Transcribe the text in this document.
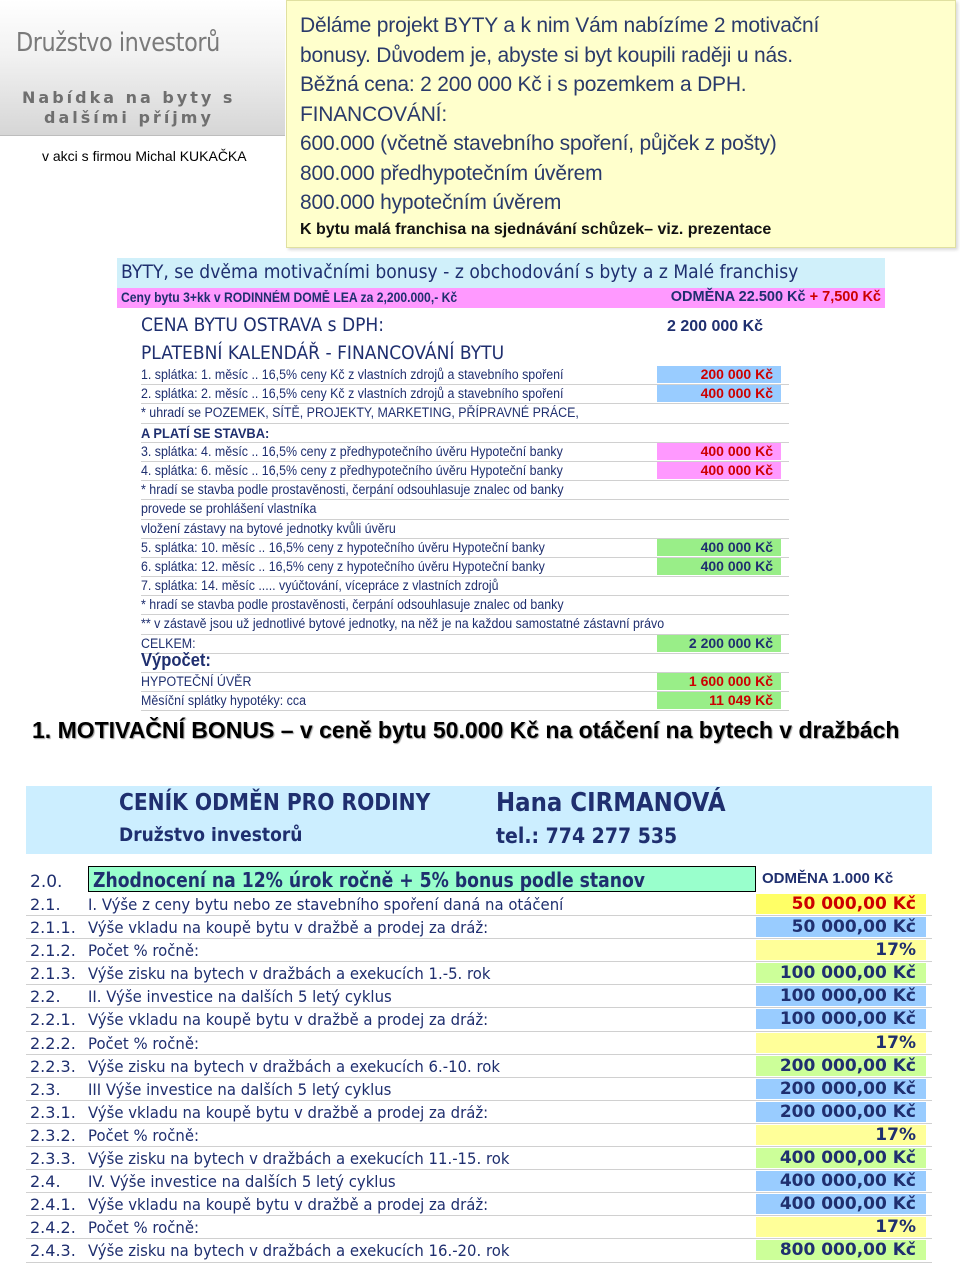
Družstvo investorů
Nabídka na byty s
dalšími příjmy
v akci s firmou Michal KUKAČKA
Děláme projekt BYTY a k nim Vám nabízíme 2 motivační
bonusy. Důvodem je, abyste si byt koupili raději u nás.
Běžná cena: 2 200 000 Kč i s pozemkem a DPH.
FINANCOVÁNÍ:
600.000 (včetně stavebního spoření, půjček z pošty)
800.000 předhypotečním úvěrem
800.000 hypotečním úvěrem
K bytu malá franchisa na sjednávání schůzek– viz. prezentace
BYTY, se dvěma motivačními bonusy - z obchodování s byty a z Malé franchisy
Ceny bytu 3+kk v RODINNÉM DOMĚ LEA za 2,200.000,- Kč	ODMĚNA 22.500 Kč + 7,500 Kč
CENA BYTU OSTRAVA s DPH:	2 200 000 Kč
PLATEBNÍ KALENDÁŘ - FINANCOVÁNÍ BYTU
1. splátka: 1. měsíc .. 16,5% ceny Kč z vlastních zdrojů a stavebního spoření	200 000 Kč
2. splátka: 2. měsíc .. 16,5% ceny Kč z vlastních zdrojů a stavebního spoření	400 000 Kč
* uhradí se POZEMEK, SÍTĚ, PROJEKTY, MARKETING, PŘÍPRAVNÉ PRÁCE,
A PLATÍ SE STAVBA:
3. splátka: 4. měsíc .. 16,5% ceny z předhypotečního úvěru Hypoteční banky	400 000 Kč
4. splátka: 6. měsíc .. 16,5% ceny z předhypotečního úvěru Hypoteční banky	400 000 Kč
* hradí se stavba podle prostavěnosti, čerpání odsouhlasuje znalec od banky
provede se prohlášení vlastníka
vložení zástavy na bytové jednotky kvůli úvěru
5. splátka: 10. měsíc .. 16,5% ceny z hypotečního úvěru Hypoteční banky	400 000 Kč
6. splátka: 12. měsíc .. 16,5% ceny z hypotečního úvěru Hypoteční banky	400 000 Kč
7. splátka: 14. měsíc ..... vyúčtování, vícepráce z vlastních zdrojů
* hradí se stavba podle prostavěnosti, čerpání odsouhlasuje znalec od banky
** v zástavě jsou už jednotlivé bytové jednotky, na něž je na každou samostatné zástavní právo
CELKEM:	2 200 000 Kč
Výpočet:
HYPOTEČNÍ ÚVĚR	1 600 000 Kč
Měsíční splátky hypotéky: cca	11 049 Kč
1. MOTIVAČNÍ BONUS – v ceně bytu 50.000 Kč na otáčení na bytech v dražbách
CENÍK ODMĚN PRO RODINY
Družstvo investorů
Hana CIRMANOVÁ
tel.: 774 277 535
2.0. Zhodnocení na 12% úrok ročně + 5% bonus podle stanov	ODMĚNA 1.000 Kč
2.1. I. Výše z ceny bytu nebo ze stavebního spoření daná na otáčení	50 000,00 Kč
2.1.1. Výše vkladu na koupě bytu v dražbě a prodej za dráž:	50 000,00 Kč
2.1.2. Počet % ročně:	17%
2.1.3. Výše zisku na bytech v dražbách a exekucích 1.-5. rok	100 000,00 Kč
2.2. II. Výše investice na dalších 5 letý cyklus	100 000,00 Kč
2.2.1. Výše vkladu na koupě bytu v dražbě a prodej za dráž:	100 000,00 Kč
2.2.2. Počet % ročně:	17%
2.2.3. Výše zisku na bytech v dražbách a exekucích 6.-10. rok	200 000,00 Kč
2.3. III Výše investice na dalších 5 letý cyklus	200 000,00 Kč
2.3.1. Výše vkladu na koupě bytu v dražbě a prodej za dráž:	200 000,00 Kč
2.3.2. Počet % ročně:	17%
2.3.3. Výše zisku na bytech v dražbách a exekucích 11.-15. rok	400 000,00 Kč
2.4. IV. Výše investice na dalších 5 letý cyklus	400 000,00 Kč
2.4.1. Výše vkladu na koupě bytu v dražbě a prodej za dráž:	400 000,00 Kč
2.4.2. Počet % ročně:	17%
2.4.3. Výše zisku na bytech v dražbách a exekucích 16.-20. rok	800 000,00 Kč
